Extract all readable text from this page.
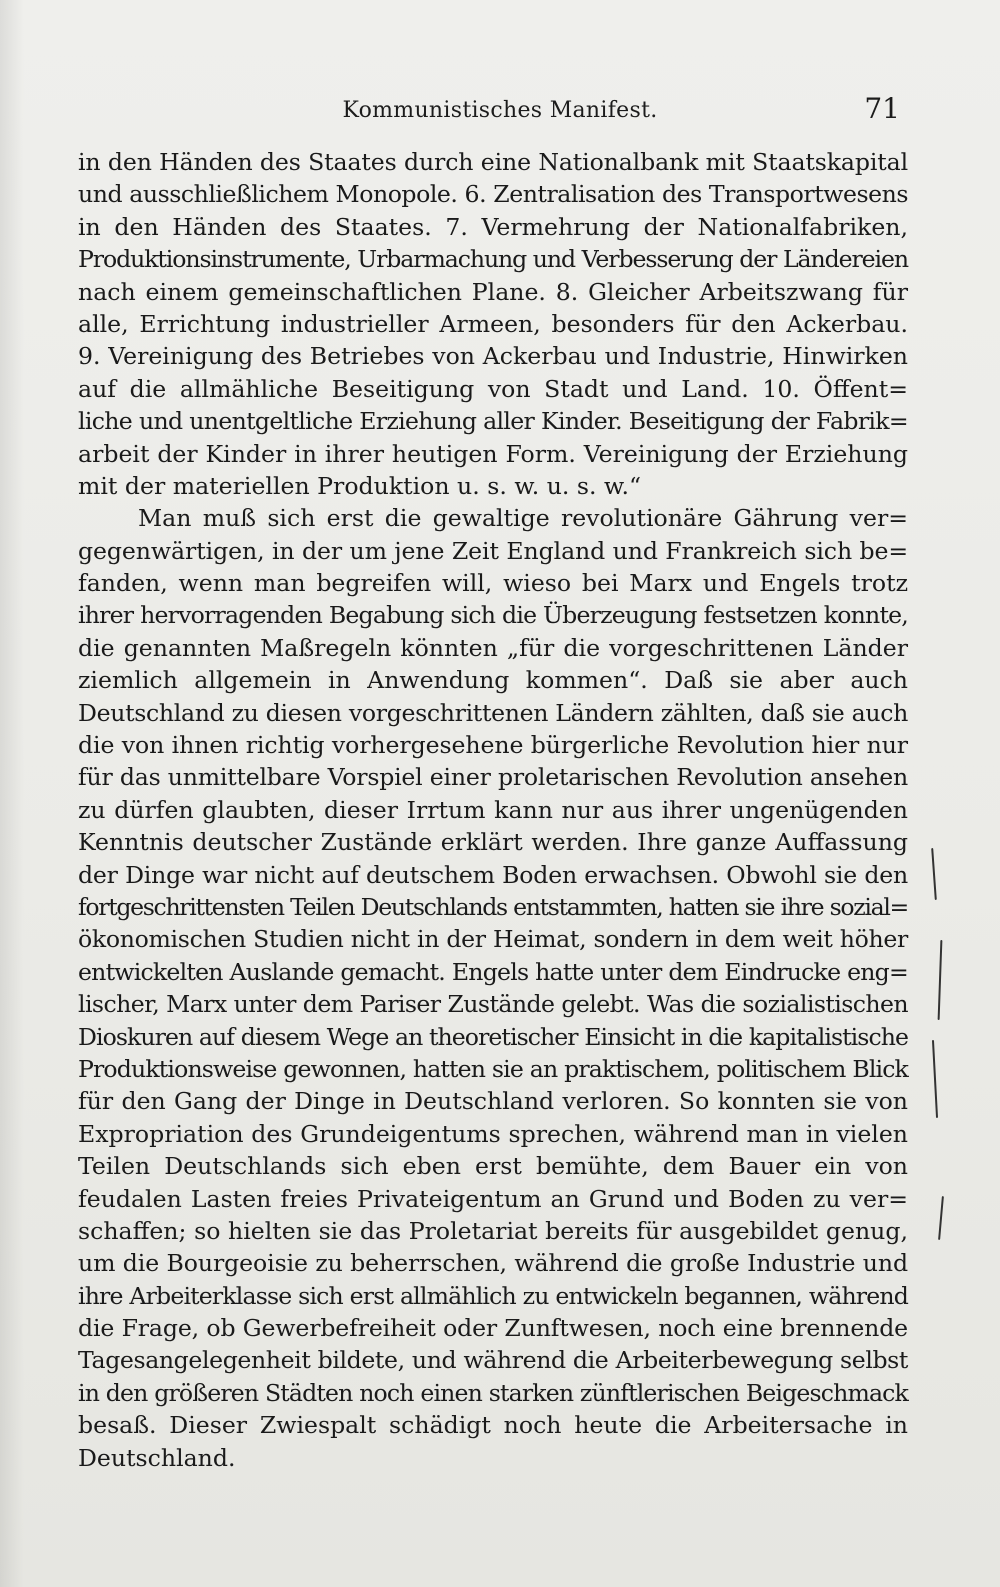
Kommunistisches Manifest.	71
in den Händen des Staates durch eine Nationalbank mit Staatskapital
und ausschließlichem Monopole. 6. Zentralisation des Transportwesens
in den Händen des Staates. 7. Vermehrung der Nationalfabriken,
Produktionsinstrumente, Urbarmachung und Verbesserung der Ländereien
nach einem gemeinschaftlichen Plane. 8. Gleicher Arbeitszwang für
alle, Errichtung industrieller Armeen, besonders für den Ackerbau.
9. Vereinigung des Betriebes von Ackerbau und Industrie, Hinwirken
auf die allmähliche Beseitigung von Stadt und Land. 10. Öffent=
liche und unentgeltliche Erziehung aller Kinder. Beseitigung der Fabrik=
arbeit der Kinder in ihrer heutigen Form. Vereinigung der Erziehung
mit der materiellen Produktion u. s. w. u. s. w.“
Man muß sich erst die gewaltige revolutionäre Gährung ver=
gegenwärtigen, in der um jene Zeit England und Frankreich sich be=
fanden, wenn man begreifen will, wieso bei Marx und Engels trotz
ihrer hervorragenden Begabung sich die Überzeugung festsetzen konnte,
die genannten Maßregeln könnten „für die vorgeschrittenen Länder
ziemlich allgemein in Anwendung kommen“. Daß sie aber auch
Deutschland zu diesen vorgeschrittenen Ländern zählten, daß sie auch
die von ihnen richtig vorhergesehene bürgerliche Revolution hier nur
für das unmittelbare Vorspiel einer proletarischen Revolution ansehen
zu dürfen glaubten, dieser Irrtum kann nur aus ihrer ungenügenden
Kenntnis deutscher Zustände erklärt werden. Ihre ganze Auffassung
der Dinge war nicht auf deutschem Boden erwachsen. Obwohl sie den
fortgeschrittensten Teilen Deutschlands entstammten, hatten sie ihre sozial=
ökonomischen Studien nicht in der Heimat, sondern in dem weit höher
entwickelten Auslande gemacht. Engels hatte unter dem Eindrucke eng=
lischer, Marx unter dem Pariser Zustände gelebt. Was die sozialistischen
Dioskuren auf diesem Wege an theoretischer Einsicht in die kapitalistische
Produktionsweise gewonnen, hatten sie an praktischem, politischem Blick
für den Gang der Dinge in Deutschland verloren. So konnten sie von
Expropriation des Grundeigentums sprechen, während man in vielen
Teilen Deutschlands sich eben erst bemühte, dem Bauer ein von
feudalen Lasten freies Privateigentum an Grund und Boden zu ver=
schaffen; so hielten sie das Proletariat bereits für ausgebildet genug,
um die Bourgeoisie zu beherrschen, während die große Industrie und
ihre Arbeiterklasse sich erst allmählich zu entwickeln begannen, während
die Frage, ob Gewerbefreiheit oder Zunftwesen, noch eine brennende
Tagesangelegenheit bildete, und während die Arbeiterbewegung selbst
in den größeren Städten noch einen starken zünftlerischen Beigeschmack
besaß. Dieser Zwiespalt schädigt noch heute die Arbeitersache in
Deutschland.
